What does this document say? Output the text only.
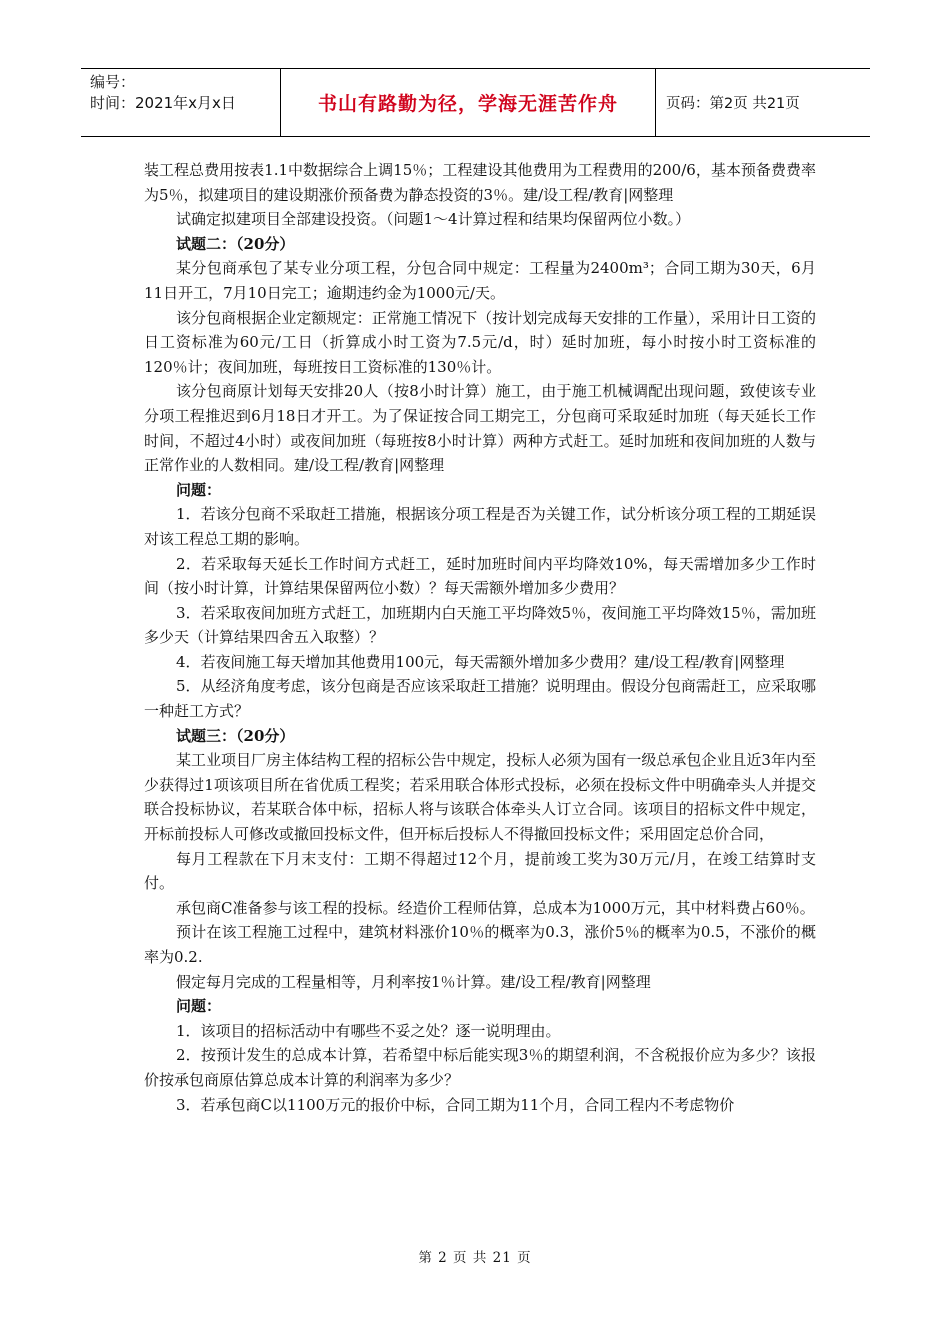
编号：
时间：2021年x月x日	书山有路勤为径，学海无涯苦作舟	页码：第2页 共21页

装工程总费用按表1.1中数据综合上调15％；工程建设其他费用为工程费用的200/6，基本预备费费率为5％，拟建项目的建设期涨价预备费为静态投资的3％。建/设工程/教育|网整理

试确定拟建项目全部建设投资。（问题1～4计算过程和结果均保留两位小数。）

试题二：（20分）

某分包商承包了某专业分项工程，分包合同中规定：工程量为2400m³；合同工期为30天，6月11日开工，7月10日完工；逾期违约金为1000元/天。

该分包商根据企业定额规定：正常施工情况下（按计划完成每天安排的工作量），采用计日工资的日工资标准为60元/工日（折算成小时工资为7.5元/d，时）延时加班，每小时按小时工资标准的120％计；夜间加班，每班按日工资标准的130％计。

该分包商原计划每天安排20人（按8小时计算）施工，由于施工机械调配出现问题，致使该专业分项工程推迟到6月18日才开工。为了保证按合同工期完工，分包商可采取延时加班（每天延长工作时间，不超过4小时）或夜间加班（每班按8小时计算）两种方式赶工。延时加班和夜间加班的人数与正常作业的人数相同。建/设工程/教育|网整理

问题：

1．若该分包商不采取赶工措施，根据该分项工程是否为关键工作，试分析该分项工程的工期延误对该工程总工期的影响。

2．若采取每天延长工作时间方式赶工，延时加班时间内平均降效10%，每天需增加多少工作时间（按小时计算，计算结果保留两位小数）？每天需额外增加多少费用？

3．若采取夜间加班方式赶工，加班期内白天施工平均降效5％，夜间施工平均降效15％，需加班多少天（计算结果四舍五入取整）？

4．若夜间施工每天增加其他费用100元，每天需额外增加多少费用？建/设工程/教育|网整理

5．从经济角度考虑，该分包商是否应该采取赶工措施？说明理由。假设分包商需赶工，应采取哪一种赶工方式？

试题三：（20分）

某工业项目厂房主体结构工程的招标公告中规定，投标人必须为国有一级总承包企业且近3年内至少获得过1项该项目所在省优质工程奖；若采用联合体形式投标，必须在投标文件中明确牵头人并提交联合投标协议，若某联合体中标，招标人将与该联合体牵头人订立合同。该项目的招标文件中规定，开标前投标人可修改或撤回投标文件，但开标后投标人不得撤回投标文件；采用固定总价合同，

每月工程款在下月末支付：工期不得超过12个月，提前竣工奖为30万元/月，在竣工结算时支付。

承包商C准备参与该工程的投标。经造价工程师估算，总成本为1000万元，其中材料费占60％。

预计在该工程施工过程中，建筑材料涨价10％的概率为0.3，涨价5％的概率为0.5，不涨价的概率为0.2.

假定每月完成的工程量相等，月利率按1％计算。建/设工程/教育|网整理

问题：

1．该项目的招标活动中有哪些不妥之处？逐一说明理由。

2．按预计发生的总成本计算，若希望中标后能实现3％的期望利润，不含税报价应为多少？该报价按承包商原估算总成本计算的利润率为多少？

3．若承包商C以1100万元的报价中标，合同工期为11个月，合同工程内不考虑物价

第 2 页 共 21 页
